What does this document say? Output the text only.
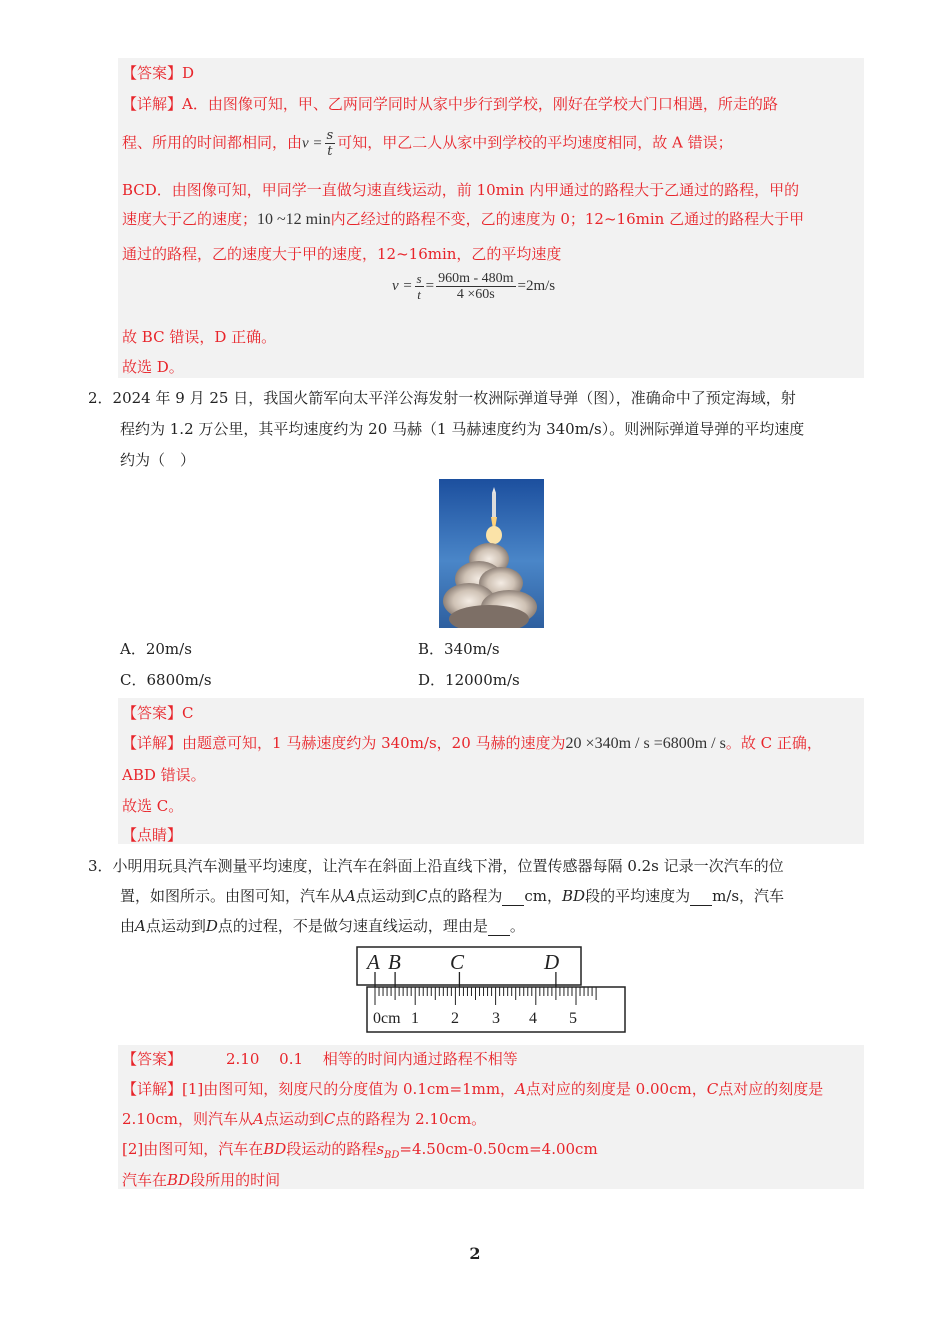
【答案】D
【详解】A．由图像可知，甲、乙两同学同时从家中步行到学校，刚好在学校大门口相遇，所走的路
程、所用的时间都相同，由$v = \frac{s}{t}$ 可知，甲乙二人从家中到学校的平均速度相同，故 A 错误；
BCD．由图像可知，甲同学一直做匀速直线运动，前 10min 内甲通过的路程大于乙通过的路程，甲的
速度大于乙的速度；10 ~12 min内乙经过的路程不变，乙的速度为 0；12~16min 乙通过的路程大于甲
通过的路程，乙的速度大于甲的速度，12~16min，乙的平均速度
$v = \frac{s}{t} = \frac{960m - 480m}{4 \times 60s} =2m/s$
故 BC 错误，D 正确。
故选 D。
2．2024 年 9 月 25 日，我国火箭军向太平洋公海发射一枚洲际弹道导弹（图），准确命中了预定海域，射
程约为 1.2 万公里，其平均速度约为 20 马赫（1 马赫速度约为 340m/s）。则洲际弹道导弹的平均速度
约为（　）
A．20m/s	B．340m/s
C．6800m/s	D．12000m/s
【答案】C
【详解】由题意可知，1 马赫速度约为 340m/s，20 马赫的速度为20 ×340m / s =6800m / s。故 C 正确，
ABD 错误。
故选 C。
【点睛】
3．小明用玩具汽车测量平均速度，让汽车在斜面上沿直线下滑，位置传感器每隔 0.2s 记录一次汽车的位
置，如图所示。由图可知，汽车从A点运动到C点的路程为 cm，BD段的平均速度为 m/s，汽车
由A点运动到D点的过程，不是做匀速直线运动，理由是 。
A B C	D
0cm 1 2 3 4 5
【答案】	2.10　 0.1　 相等的时间内通过路程不相等
【详解】[1]由图可知，刻度尺的分度值为 0.1cm=1mm，A点对应的刻度是 0.00cm，C点对应的刻度是
2.10cm，则汽车从A点运动到C点的路程为 2.10cm。
[2]由图可知，汽车在BD段运动的路程$s_{BD}=4.50cm-0.50cm=4.00cm$
汽车在BD段所用的时间
2
